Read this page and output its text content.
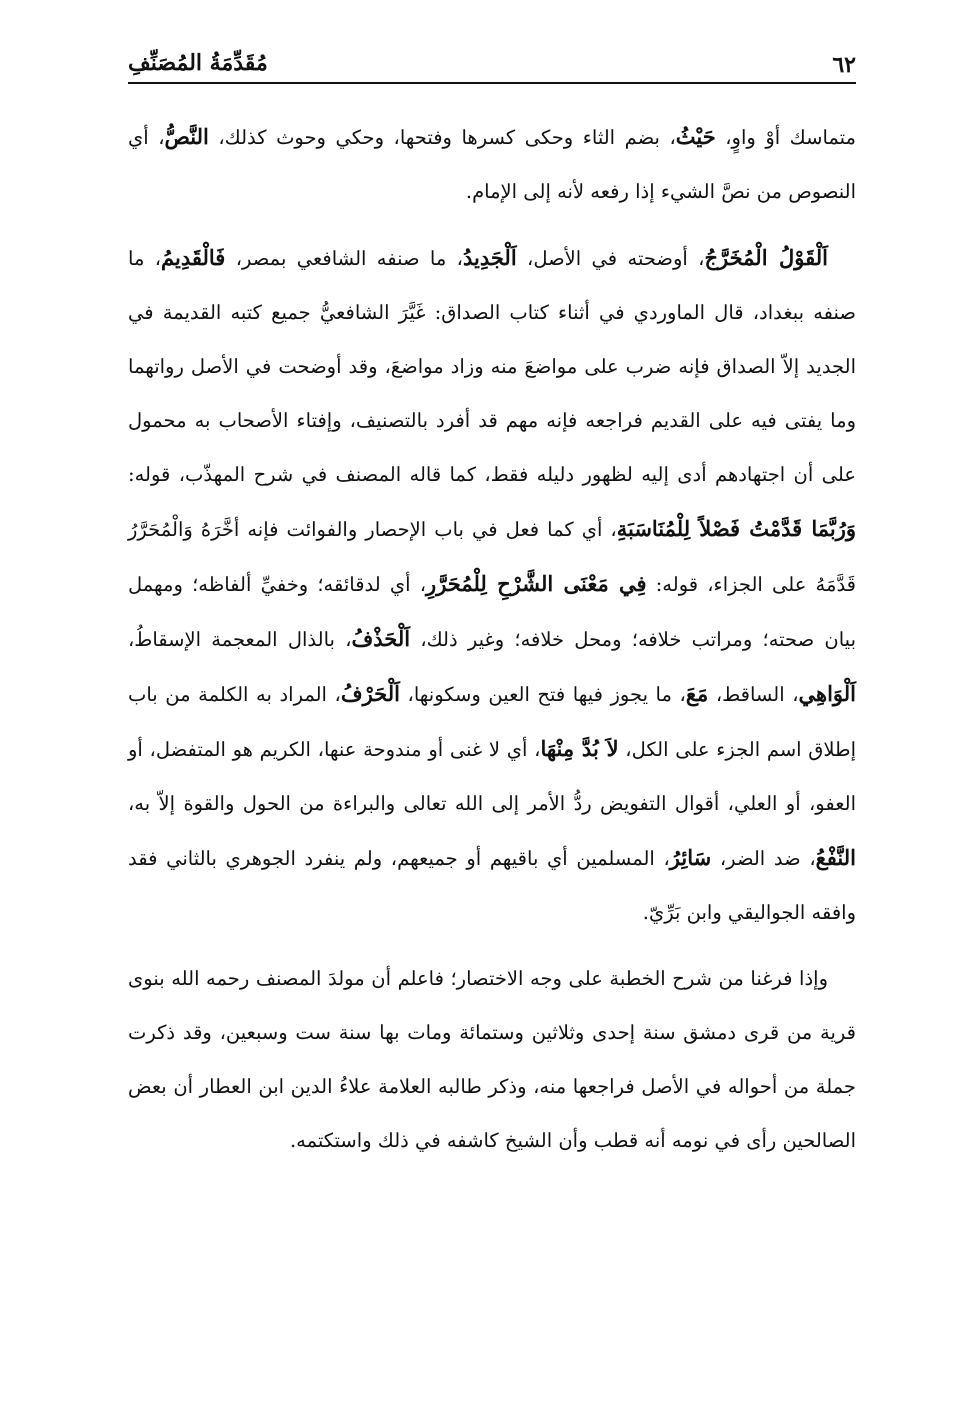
٦٢
مُقَدِّمَةُ المُصَنِّفِ

متماسك أوْ واوٍ، حَيْثُ، بضم الثاء وحكى كسرها وفتحها، وحكي وحوث كذلك، النَّصُّ، أي النصوص من نصَّ الشيء إذا رفعه لأنه إلى الإمام.

اَلْقَوْلُ الْمُخَرَّجُ، أوضحته في الأصل، اَلْجَدِيدُ، ما صنفه الشافعي بمصر، فَالْقَدِيمُ، ما صنفه ببغداد، قال الماوردي في أثناء كتاب الصداق: غَيَّرَ الشافعيُّ جميع كتبه القديمة في الجديد إلاّ الصداق فإنه ضرب على مواضعَ منه وزاد مواضعَ، وقد أوضحت في الأصل رواتهما وما يفتى فيه على القديم فراجعه فإنه مهم قد أفرد بالتصنيف، وإفتاء الأصحاب به محمول على أن اجتهادهم أدى إليه لظهور دليله فقط، كما قاله المصنف في شرح المهذّب، قوله: وَرُبَّمَا قَدَّمْتُ فَصْلاً لِلْمُنَاسَبَةِ، أي كما فعل في باب الإحصار والفوائت فإنه أخَّرَهُ وَالْمُحَرَّرُ قَدَّمَهُ على الجزاء، قوله: فِي مَعْنَى الشَّرْحِ لِلْمُحَرَّرِ، أي لدقائقه؛ وخفيِّ ألفاظه؛ ومهمل بيان صحته؛ ومراتب خلافه؛ ومحل خلافه؛ وغير ذلك، اَلْحَذْفُ، بالذال المعجمة الإسقاطُ، اَلْوَاهِي، الساقط، مَعَ، ما يجوز فيها فتح العين وسكونها، اَلْحَرْفُ، المراد به الكلمة من باب إطلاق اسم الجزء على الكل، لاَ بُدَّ مِنْهَا، أي لا غنى أو مندوحة عنها، الكريم هو المتفضل، أو العفو، أو العلي، أقوال التفويض ردُّ الأمر إلى الله تعالى والبراءة من الحول والقوة إلاّ به، النَّفْعُ، ضد الضر، سَائِرُ، المسلمين أي باقيهم أو جميعهم، ولم ينفرد الجوهري بالثاني فقد وافقه الجواليقي وابن بَرِّيّ.

وإذا فرغنا من شرح الخطبة على وجه الاختصار؛ فاعلم أن مولدَ المصنف رحمه الله بنوى قرية من قرى دمشق سنة إحدى وثلاثين وستمائة ومات بها سنة ست وسبعين، وقد ذكرت جملة من أحواله في الأصل فراجعها منه، وذكر طالبه العلامة علاءُ الدين ابن العطار أن بعض الصالحين رأى في نومه أنه قطب وأن الشيخ كاشفه في ذلك واستكتمه.
